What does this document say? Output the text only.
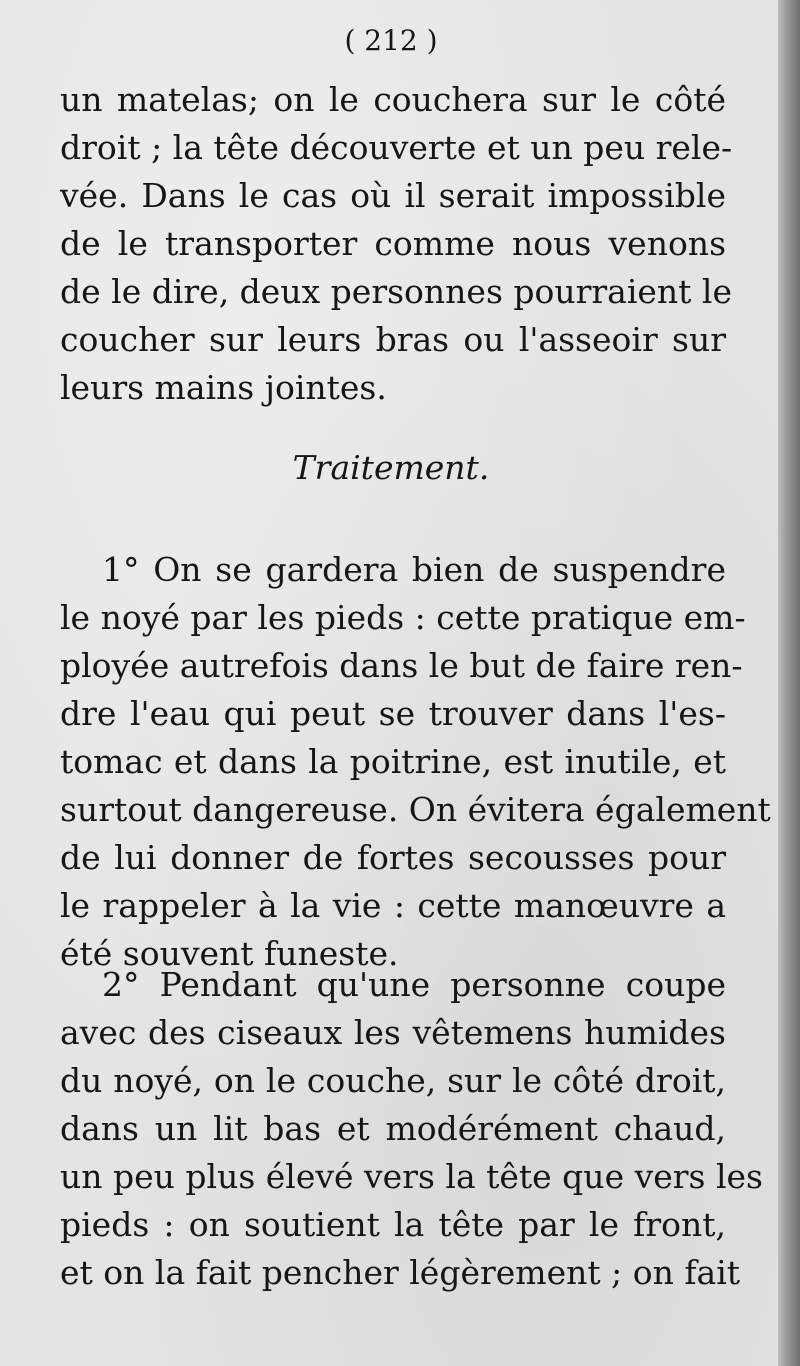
( 212 )
un matelas; on le couchera sur le côté
droit ; la tête découverte et un peu rele-
vée. Dans le cas où il serait impossible
de le transporter comme nous venons
de le dire, deux personnes pourraient le
coucher sur leurs bras ou l'asseoir sur
leurs mains jointes.
Traitement.
1° On se gardera bien de suspendre
le noyé par les pieds : cette pratique em-
ployée autrefois dans le but de faire ren-
dre l'eau qui peut se trouver dans l'es-
tomac et dans la poitrine, est inutile, et
surtout dangereuse. On évitera également
de lui donner de fortes secousses pour
le rappeler à la vie : cette manœuvre a
été souvent funeste.
2° Pendant qu'une personne coupe
avec des ciseaux les vêtemens humides
du noyé, on le couche, sur le côté droit,
dans un lit bas et modérément chaud,
un peu plus élevé vers la tête que vers les
pieds : on soutient la tête par le front,
et on la fait pencher légèrement ; on fait
